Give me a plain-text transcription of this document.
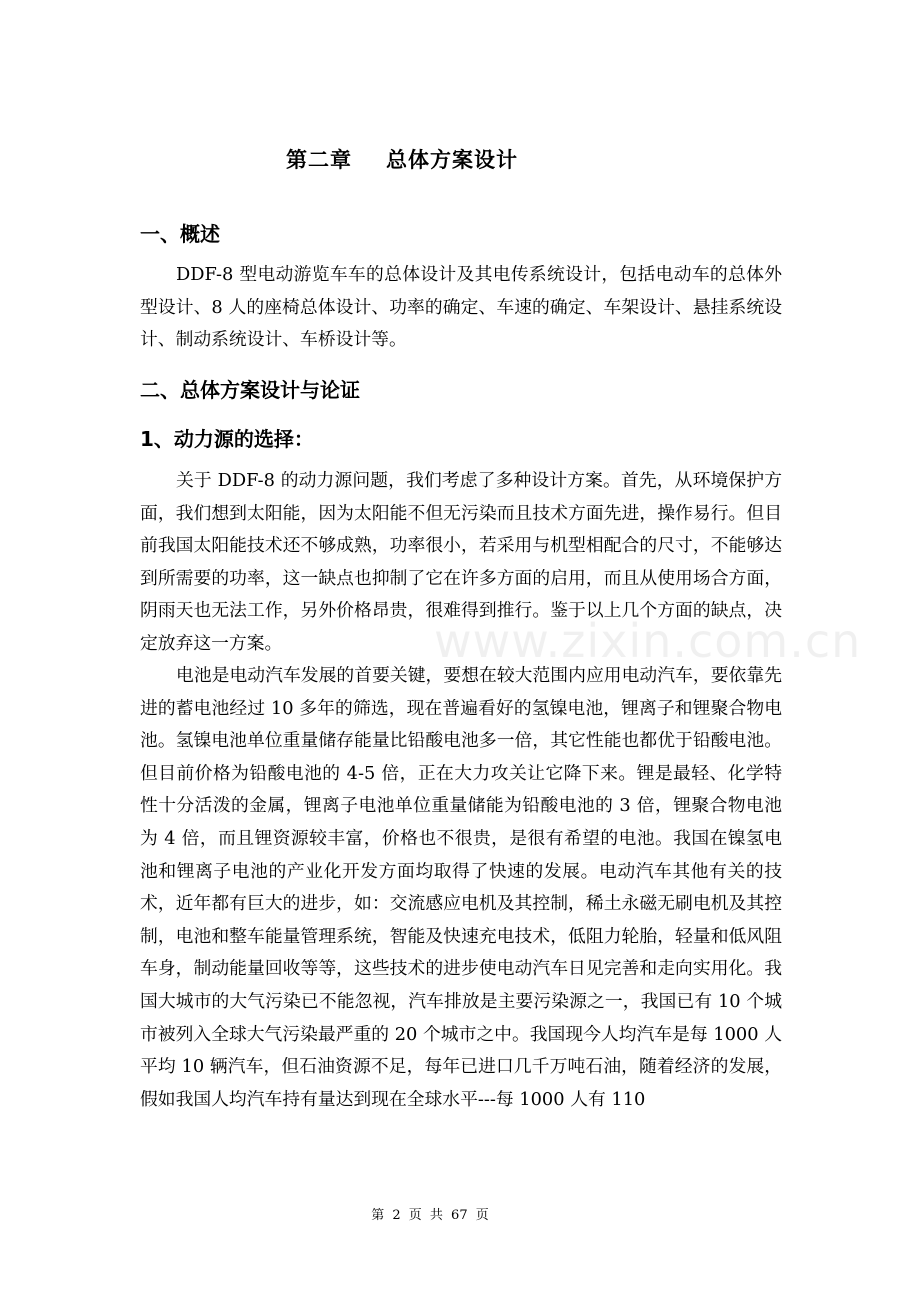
第二章 总体方案设计
一、概述

DDF-8 型电动游览车车的总体设计及其电传系统设计，包括电动车的总体外型设计、8 人的座椅总体设计、功率的确定、车速的确定、车架设计、悬挂系统设计、制动系统设计、车桥设计等。

二、总体方案设计与论证
1、动力源的选择：

关于 DDF-8 的动力源问题，我们考虑了多种设计方案。首先，从环境保护方面，我们想到太阳能，因为太阳能不但无污染而且技术方面先进，操作易行。但目前我国太阳能技术还不够成熟，功率很小，若采用与机型相配合的尺寸，不能够达到所需要的功率，这一缺点也抑制了它在许多方面的启用，而且从使用场合方面，阴雨天也无法工作，另外价格昂贵，很难得到推行。鉴于以上几个方面的缺点，决定放弃这一方案。

电池是电动汽车发展的首要关键，要想在较大范围内应用电动汽车，要依靠先进的蓄电池经过 10 多年的筛选，现在普遍看好的氢镍电池，锂离子和锂聚合物电池。氢镍电池单位重量储存能量比铅酸电池多一倍，其它性能也都优于铅酸电池。但目前价格为铅酸电池的 4-5 倍，正在大力攻关让它降下来。锂是最轻、化学特性十分活泼的金属，锂离子电池单位重量储能为铅酸电池的 3 倍，锂聚合物电池为 4 倍，而且锂资源较丰富，价格也不很贵，是很有希望的电池。我国在镍氢电池和锂离子电池的产业化开发方面均取得了快速的发展。电动汽车其他有关的技术，近年都有巨大的进步，如：交流感应电机及其控制，稀土永磁无刷电机及其控制，电池和整车能量管理系统，智能及快速充电技术，低阻力轮胎，轻量和低风阻车身，制动能量回收等等，这些技术的进步使电动汽车日见完善和走向实用化。我国大城市的大气污染已不能忽视，汽车排放是主要污染源之一，我国已有 10 个城市被列入全球大气污染最严重的 20 个城市之中。我国现今人均汽车是每 1000 人平均 10 辆汽车，但石油资源不足，每年已进口几千万吨石油，随着经济的发展，假如我国人均汽车持有量达到现在全球水平---每 1000 人有 110

www.zixin.com.cn
第 2 页 共 67 页
